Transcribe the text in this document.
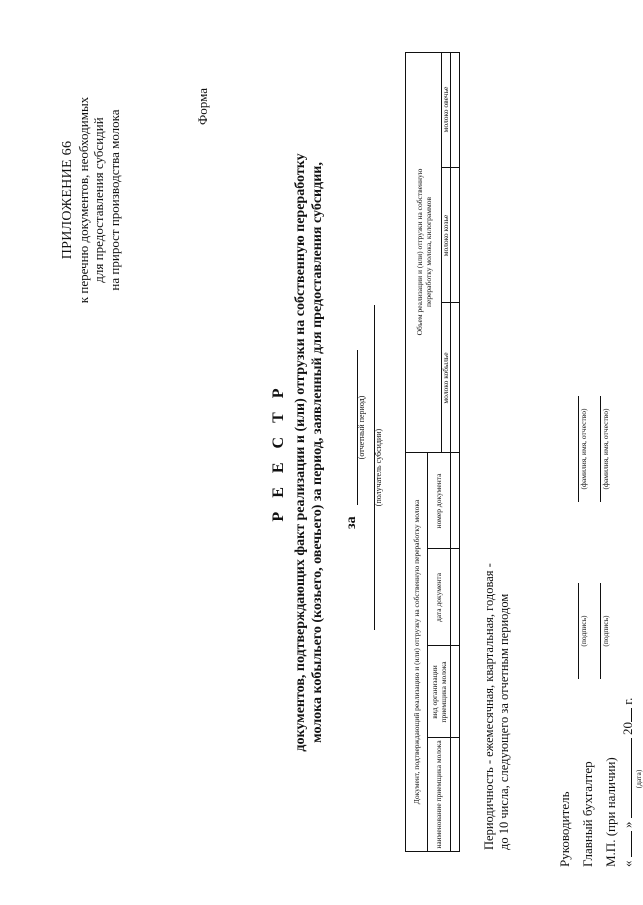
ПРИЛОЖЕНИЕ 66 к перечню документов, необходимых для предоставления субсидий на прирост производства молока
Форма
Р Е Е С Т Р документов, подтверждающих факт реализации и (или) отгрузки на собственную переработку молока кобыльего (козьего, овечьего) за период, заявленный для предоставления субсидии, за
(отчетный период)
(получатель субсидии)
Периодичность - ежемесячная, квартальная, годовая - до 10 числа, следующего за отчетным периодом
Документ, подтверждающий реализацию и (или) отгрузку на собственную переработку молока
Объем реализации и (или) отгрузки на собственную переработку молока, килограммов
наименование приемщика молока
вид организации приемщика молока
дата документа
номер документа
молоко кобылье
молоко козье
молоко овечье
Руководитель Главный бухгалтер М.П. (при наличии)
(подпись)
(фамилия, имя, отчество)
(подпись)
(фамилия, имя, отчество)
«  »  20 г.
(дата)
